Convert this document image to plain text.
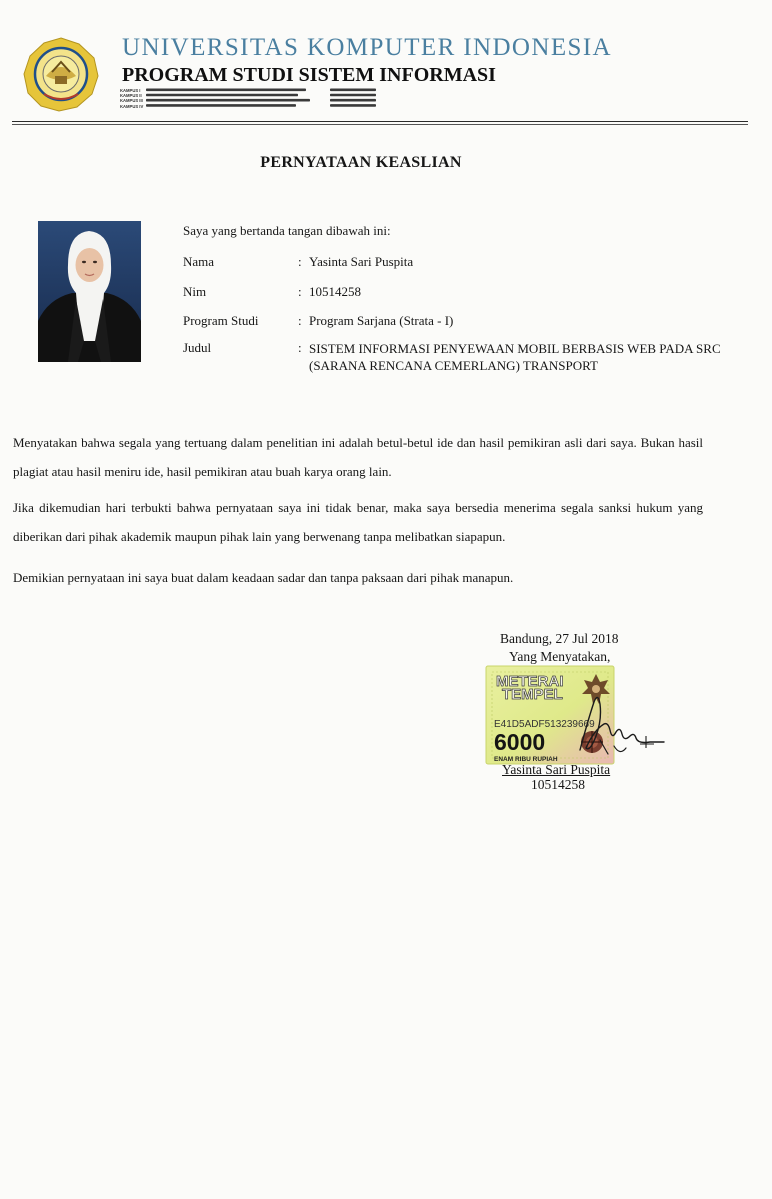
UNIVERSITAS KOMPUTER INDONESIA
PROGRAM STUDI SISTEM INFORMASI
KAMPUS I
KAMPUS II
KAMPUS III
KAMPUS IV
PERNYATAAN KEASLIAN
Saya yang bertanda tangan dibawah ini:
Nama	: Yasinta Sari Puspita
Nim	: 10514258
Program Studi	: Program Sarjana (Strata - I)
Judul	: SISTEM INFORMASI PENYEWAAN MOBIL BERBASIS WEB PADA SRC (SARANA RENCANA CEMERLANG) TRANSPORT
Menyatakan bahwa segala yang tertuang dalam penelitian ini adalah betul-betul ide dan hasil pemikiran asli dari saya. Bukan hasil plagiat atau hasil meniru ide, hasil pemikiran atau buah karya orang lain.
Jika dikemudian hari terbukti bahwa pernyataan saya ini tidak benar, maka saya bersedia menerima segala sanksi hukum yang diberikan dari pihak akademik maupun pihak lain yang berwenang tanpa melibatkan siapapun.
Demikian pernyataan ini saya buat dalam keadaan sadar dan tanpa paksaan dari pihak manapun.
Bandung, 27 Jul 2018
Yang Menyatakan,
METERAI
TEMPEL
E41D5ADF513239669
6000
ENAM RIBU RUPIAH
Yasinta Sari Puspita
10514258
